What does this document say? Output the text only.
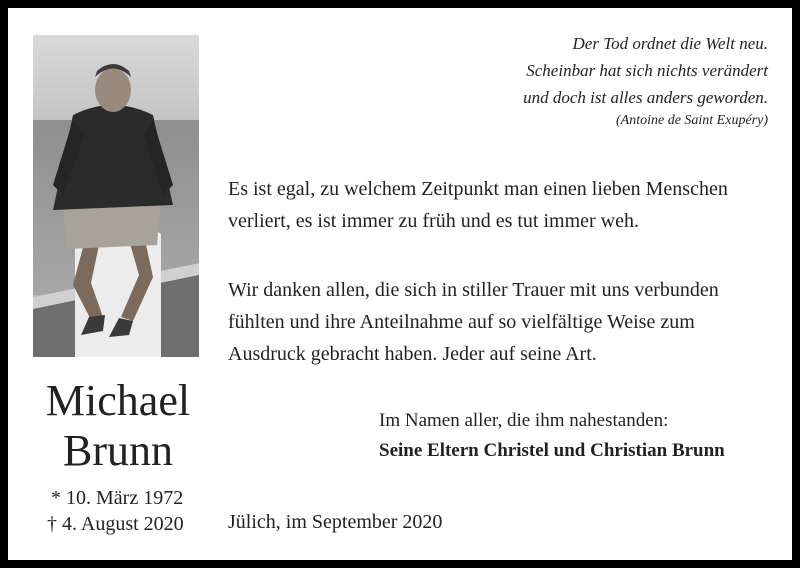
Michael
Brunn
* 10. März 1972
† 4. August 2020
Der Tod ordnet die Welt neu.
Scheinbar hat sich nichts verändert
und doch ist alles anders geworden.
(Antoine de Saint Exupéry)
Es ist egal, zu welchem Zeitpunkt man einen lieben Menschen
verliert, es ist immer zu früh und es tut immer weh.
Wir danken allen, die sich in stiller Trauer mit uns verbunden
fühlten und ihre Anteilnahme auf so vielfältige Weise zum
Ausdruck gebracht haben. Jeder auf seine Art.
Im Namen aller, die ihm nahestanden:
Seine Eltern Christel und Christian Brunn
Jülich, im September 2020
